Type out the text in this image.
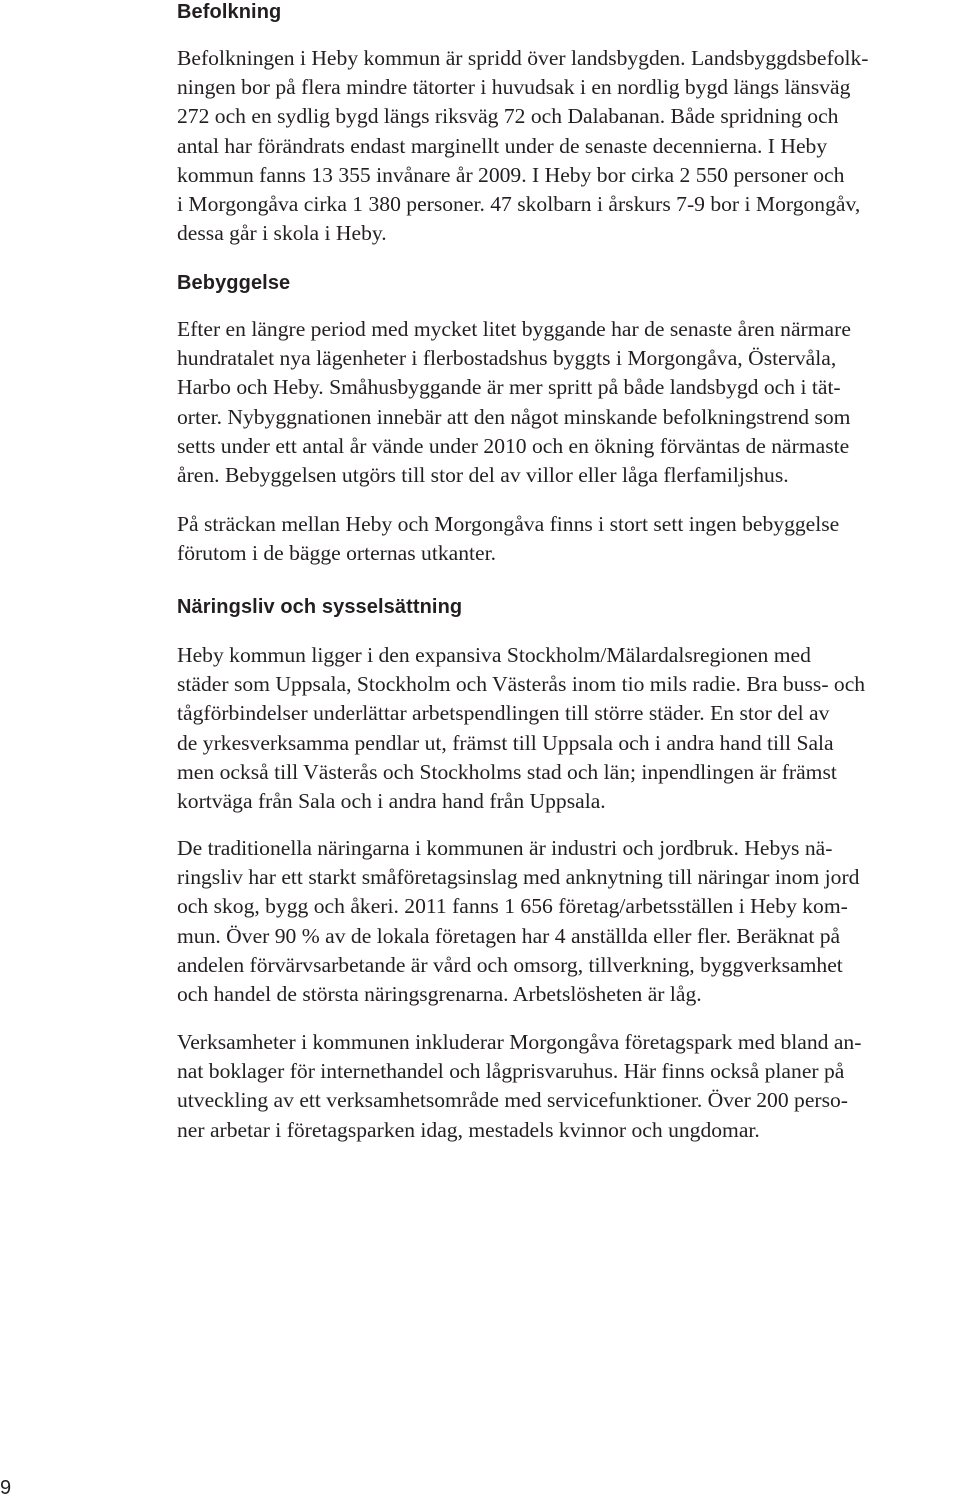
Befolkning
Befolkningen i Heby kommun är spridd över landsbygden. Landsbyggdsbefolk-
ningen bor på flera mindre tätorter i huvudsak i en nordlig bygd längs länsväg
272 och en sydlig bygd längs riksväg 72 och Dalabanan. Både spridning och
antal har förändrats endast marginellt under de senaste decennierna. I Heby
kommun fanns 13 355 invånare år 2009. I Heby bor cirka 2 550 personer och
i Morgongåva cirka 1 380 personer. 47 skolbarn i årskurs 7-9 bor i Morgongåv,
dessa går i skola i Heby.
Bebyggelse
Efter en längre period med mycket litet byggande har de senaste åren närmare
hundratalet nya lägenheter i flerbostadshus byggts i Morgongåva, Östervåla,
Harbo och Heby. Småhusbyggande är mer spritt på både landsbygd och i tät-
orter. Nybyggnationen innebär att den något minskande befolkningstrend som
setts under ett antal år vände under 2010 och en ökning förväntas de närmaste
åren. Bebyggelsen utgörs till stor del av villor eller låga flerfamiljshus.
På sträckan mellan Heby och Morgongåva finns i stort sett ingen bebyggelse
förutom i de bägge orternas utkanter.
Näringsliv och sysselsättning
Heby kommun ligger i den expansiva Stockholm/Mälardalsregionen med
städer som Uppsala, Stockholm och Västerås inom tio mils radie. Bra buss- och
tågförbindelser underlättar arbetspendlingen till större städer. En stor del av
de yrkesverksamma pendlar ut, främst till Uppsala och i andra hand till Sala
men också till Västerås och Stockholms stad och län; inpendlingen är främst
kortväga från Sala och i andra hand från Uppsala.
De traditionella näringarna i kommunen är industri och jordbruk. Hebys nä-
ringsliv har ett starkt småföretagsinslag med anknytning till näringar inom jord
och skog, bygg och åkeri. 2011 fanns 1 656 företag/arbetsställen i Heby kom-
mun. Över 90 % av de lokala företagen har 4 anställda eller fler. Beräknat på
andelen förvärvsarbetande är vård och omsorg, tillverkning, byggverksamhet
och handel de största näringsgrenarna. Arbetslösheten är låg.
Verksamheter i kommunen inkluderar Morgongåva företagspark med bland an-
nat boklager för internethandel och lågprisvaruhus. Här finns också planer på
utveckling av ett verksamhetsområde med servicefunktioner. Över 200 perso-
ner arbetar i företagsparken idag, mestadels kvinnor och ungdomar.
9
